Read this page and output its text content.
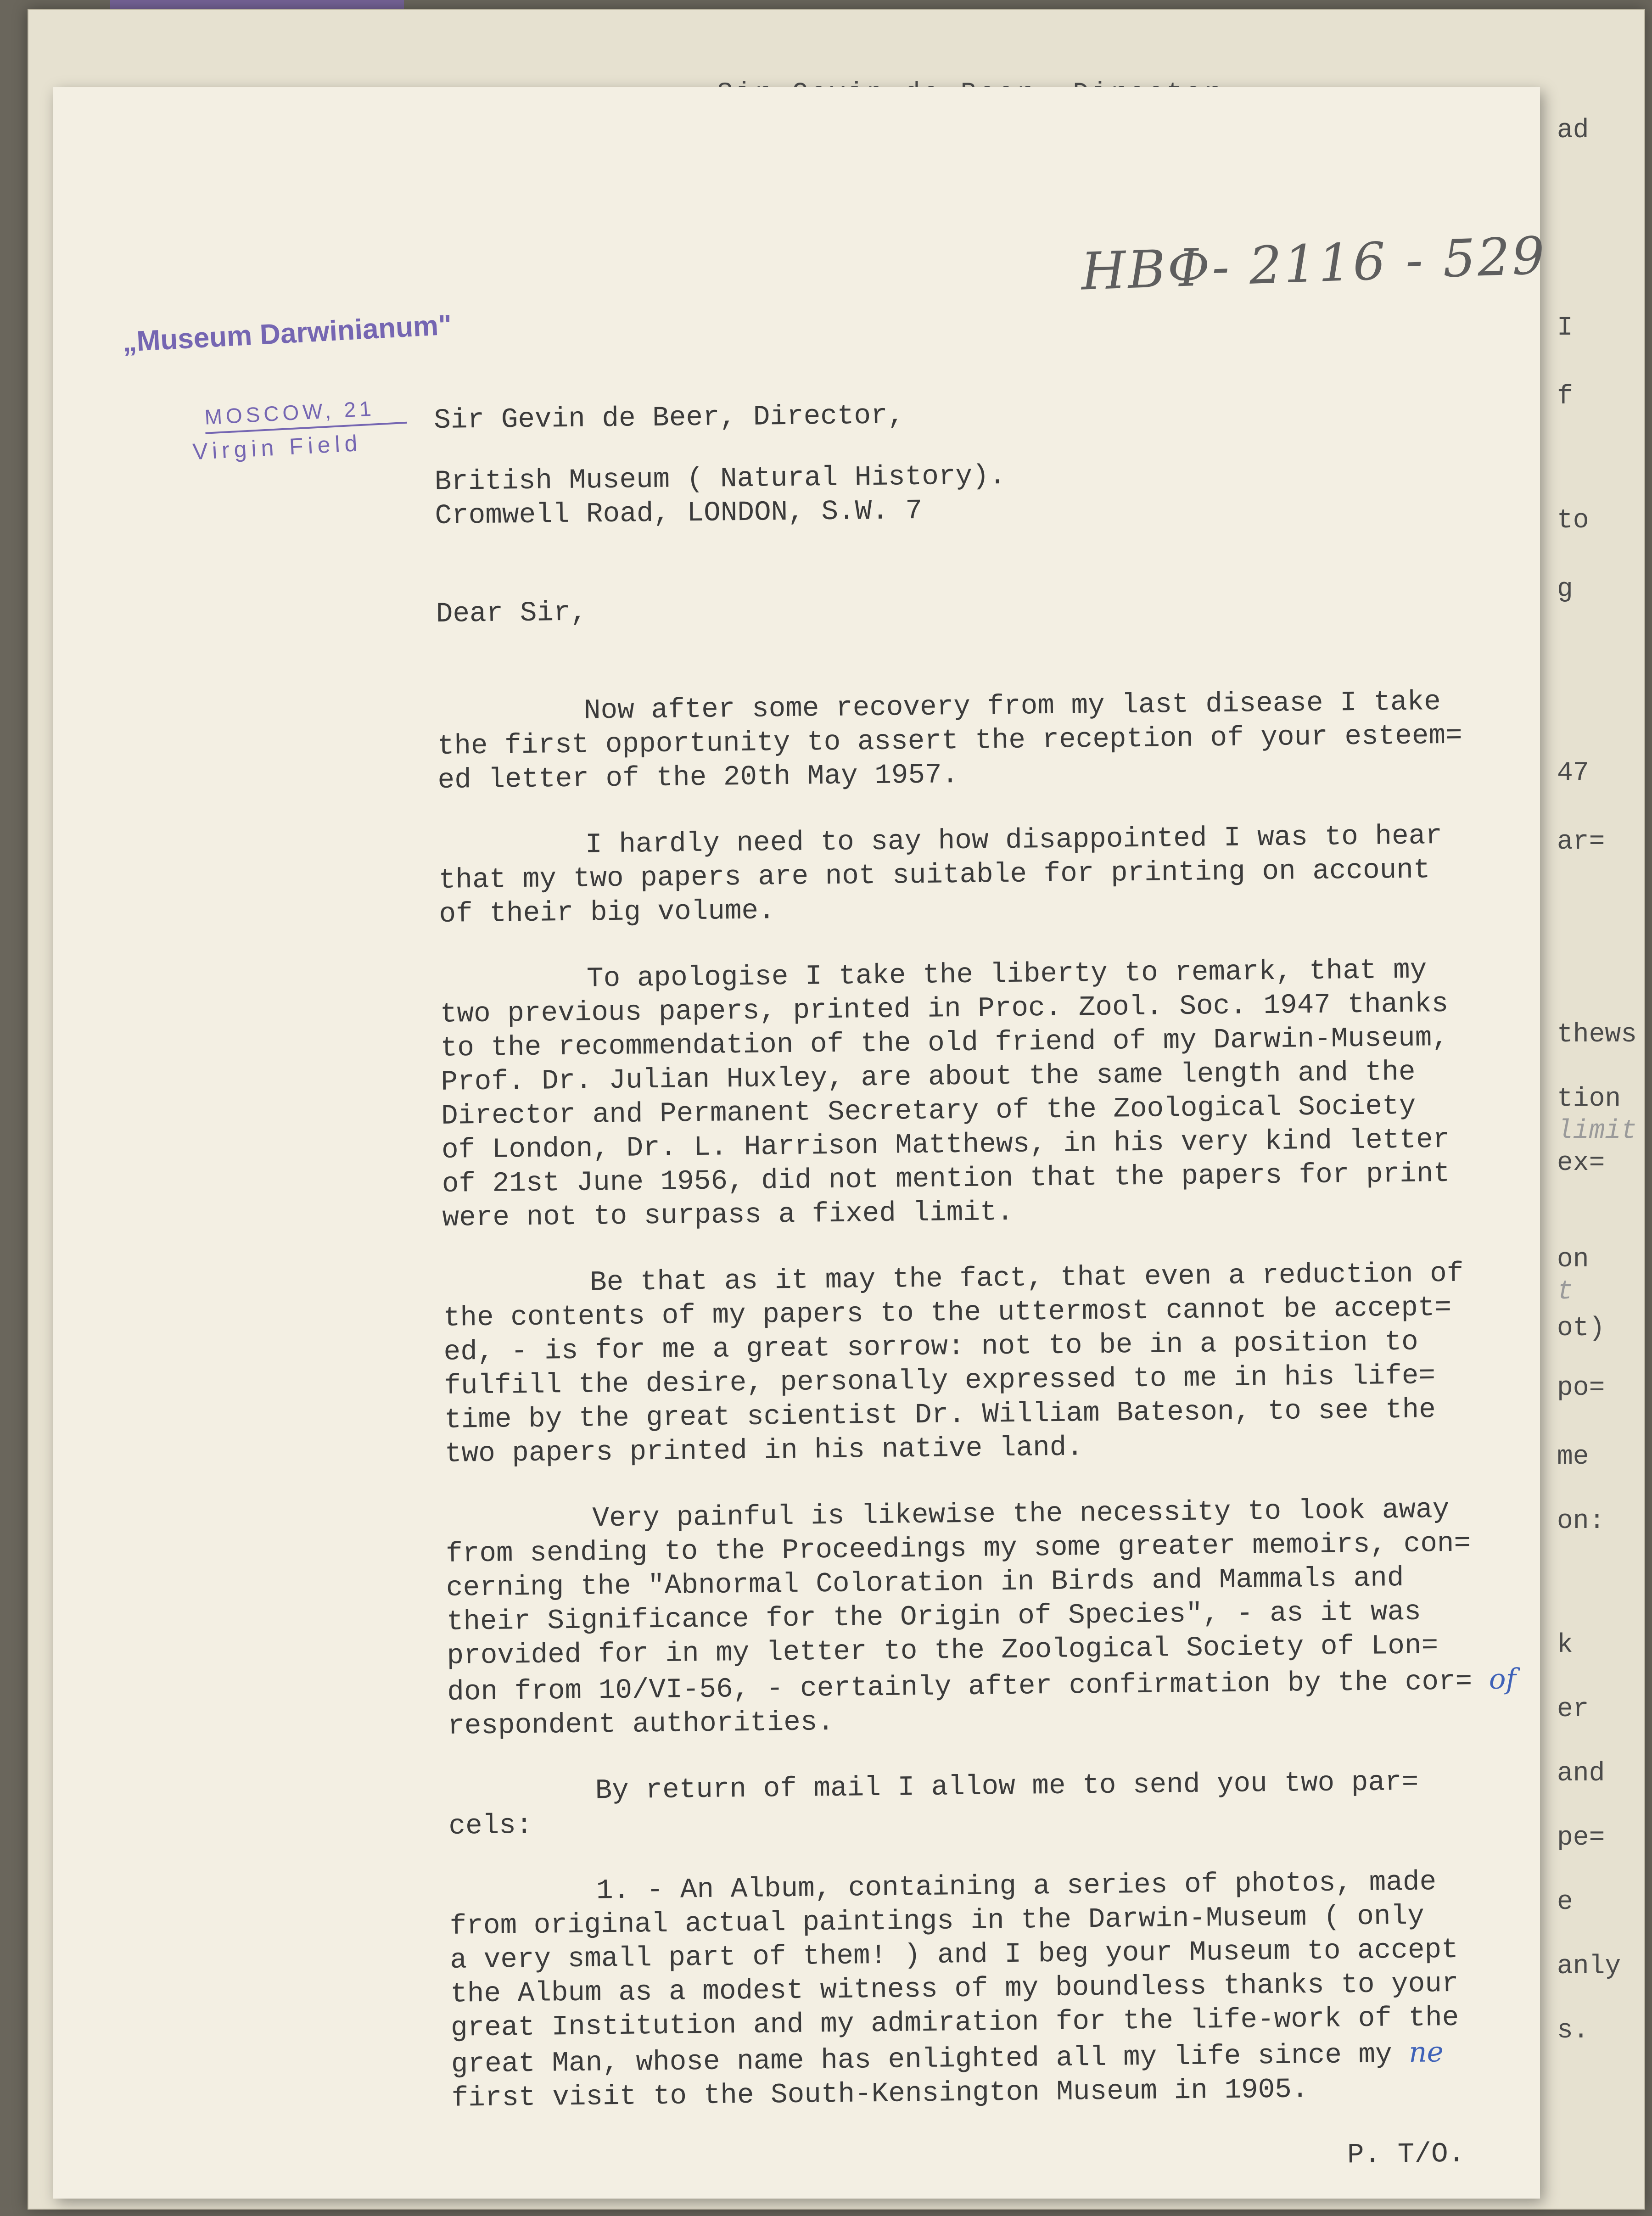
ad
I
f
to
g
47
ar=
thews
tion
limit
ex=
on
t
ot)
po=
me
on:
k
er
and
pe=
e
anly
s.
НВФ- 2116 - 529
„Museum Darwinianum"
MOSCOW, 21
Virgin Field
Sir Gevin de Beer, Director,
British Museum ( Natural History).
Cromwell Road, LONDON, S.W. 7
Dear Sir,
Now after some recovery from my last disease I take
the first opportunity to assert the reception of your esteem=
ed letter of the 20th May 1957.
I hardly need to say how disappointed I was to hear
that my two papers are not suitable for printing on account
of their big volume.
To apologise I take the liberty to remark, that my
two previous papers, printed in Proc. Zool. Soc. 1947 thanks
to the recommendation of the old friend of my Darwin-Museum,
Prof. Dr. Julian Huxley, are about the same length and the
Director and Permanent Secretary of the Zoological Society
of London, Dr. L. Harrison Matthews, in his very kind letter
of 21st June 1956, did not mention that the papers for print
were not to surpass a fixed limit.
Be that as it may the fact, that even a reduction of
the contents of my papers to the uttermost cannot be accept=
ed, - is for me a great sorrow: not to be in a position to
fulfill the desire, personally expressed to me in his life=
time by the great scientist Dr. William Bateson, to see the
two papers printed in his native land.
Very painful is likewise the necessity to look away
from sending to the Proceedings my some greater memoirs, con=
cerning the "Abnormal Coloration in Birds and Mammals and
their Significance for the Origin of Species", - as it was
provided for in my letter to the Zoological Society of Lon=
don from 10/VI-56, - certainly after confirmation by the cor= of
respondent authorities.
By return of mail I allow me to send you two par=
cels:
1. - An Album, containing a series of photos, made
from original actual paintings in the Darwin-Museum ( only
a very small part of them! ) and I beg your Museum to accept
the Album as a modest witness of my boundless thanks to your
great Institution and my admiration for the life-work of the
great Man, whose name has enlighted all my life since my ne
first visit to the South-Kensington Museum in 1905.
P. T/O.
